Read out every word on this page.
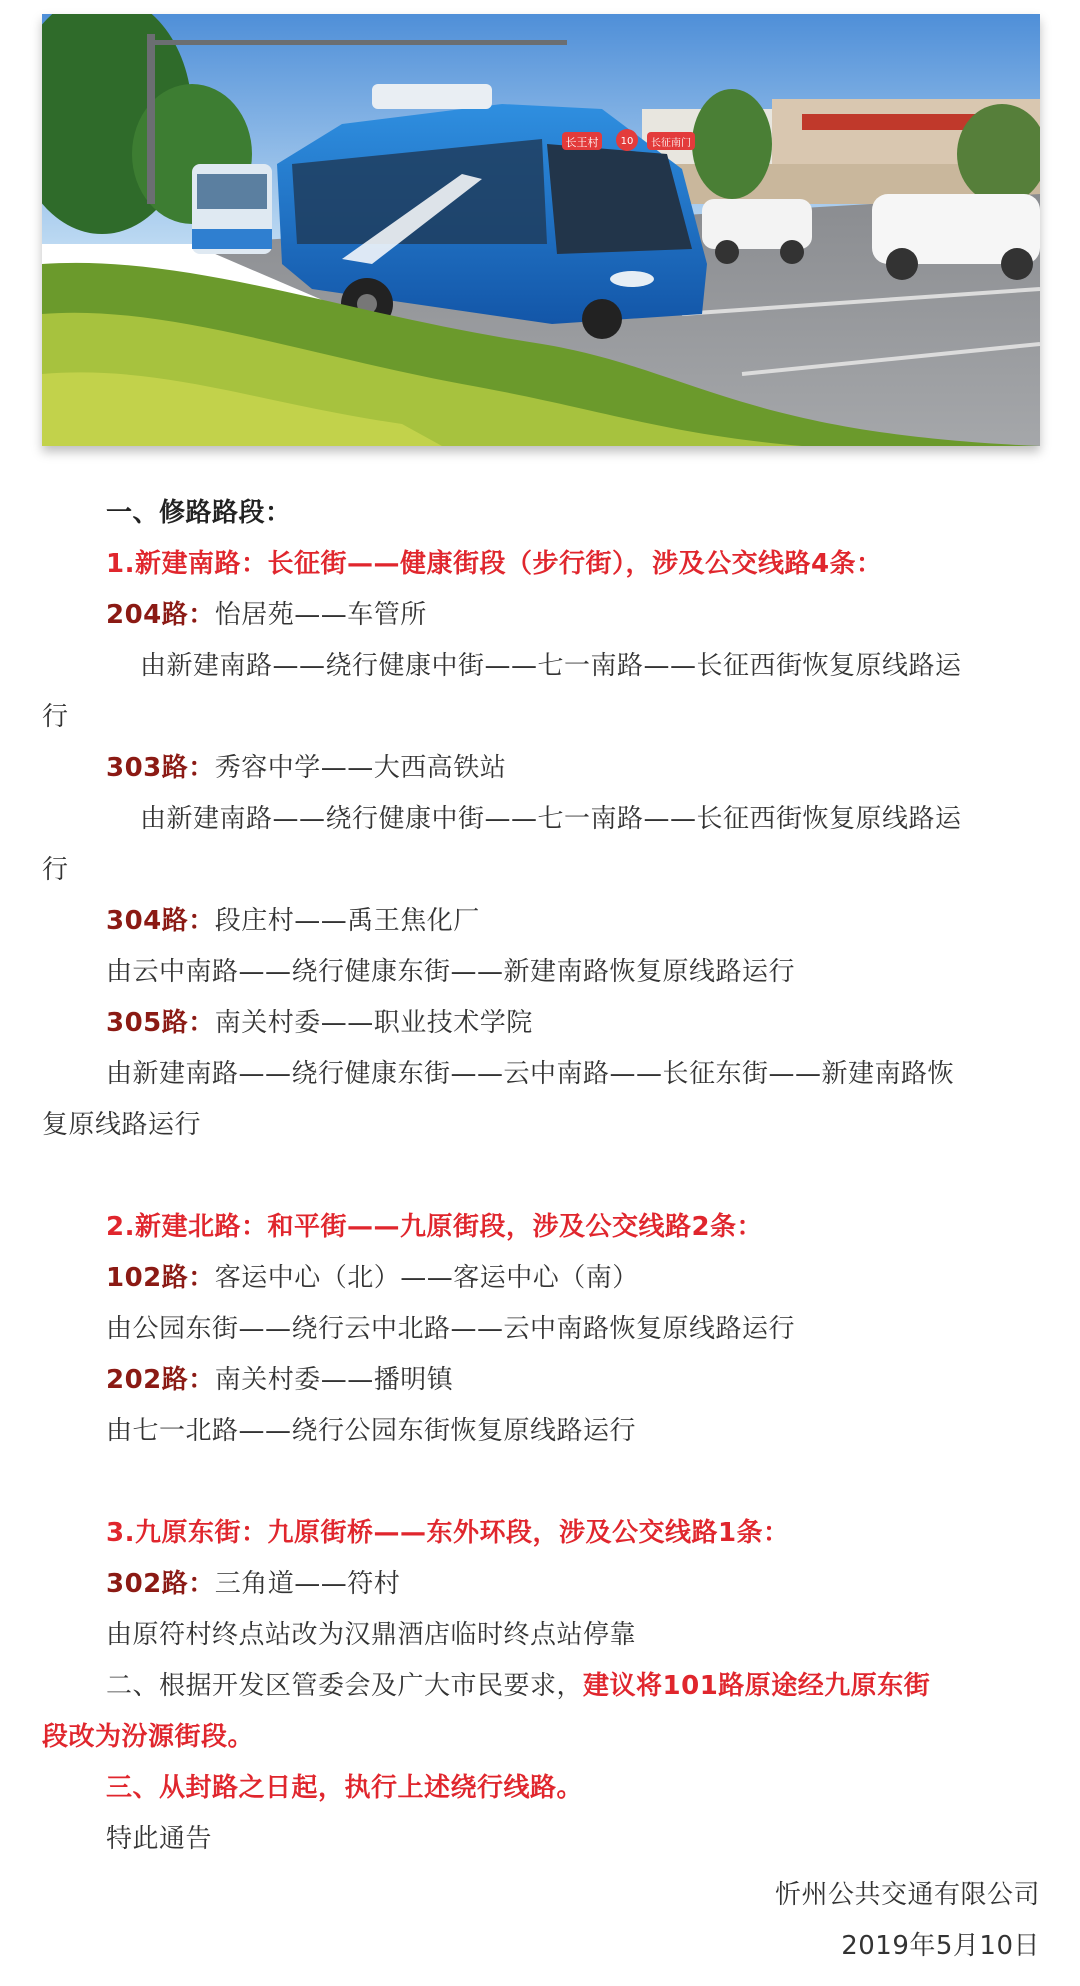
长王村 10 长征南门
一、修路路段：
1.新建南路：长征街——健康街段（步行街），涉及公交线路4条：
204路：怡居苑——车管所
由新建南路——绕行健康中街——七一南路——长征西街恢复原线路运
行
303路：秀容中学——大西高铁站
由新建南路——绕行健康中街——七一南路——长征西街恢复原线路运
行
304路：段庄村——禹王焦化厂
由云中南路——绕行健康东街——新建南路恢复原线路运行
305路：南关村委——职业技术学院
由新建南路——绕行健康东街——云中南路——长征东街——新建南路恢
复原线路运行
2.新建北路：和平街——九原街段，涉及公交线路2条：
102路：客运中心（北）——客运中心（南）
由公园东街——绕行云中北路——云中南路恢复原线路运行
202路：南关村委——播明镇
由七一北路——绕行公园东街恢复原线路运行
3.九原东街：九原街桥——东外环段，涉及公交线路1条：
302路：三角道——符村
由原符村终点站改为汉鼎酒店临时终点站停靠
二、根据开发区管委会及广大市民要求，建议将101路原途经九原东街
段改为汾源街段。
三、从封路之日起，执行上述绕行线路。
特此通告
忻州公共交通有限公司
2019年5月10日
